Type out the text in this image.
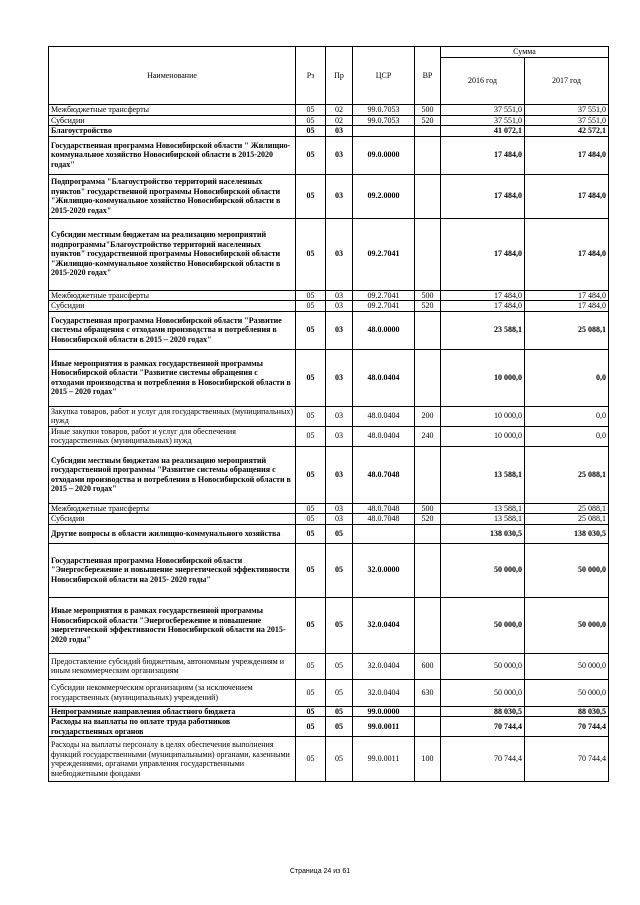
Наименование	Рз	Пр	ЦСР	ВР	Сумма	
					2016 год	2017 год
Межбюджетные трансферты	05	02	99.0.7053	500	37 551,0	37 551,0
Субсидии	05	02	99.0.7053	520	37 551,0	37 551,0
Благоустройство	05	03			41 072,1	42 572,1
Государственная программа Новосибирской области " Жилищно-коммунальное хозяйство Новосибирской области в 2015-2020 годах"	05	03	09.0.0000		17 484,0	17 484,0
Подпрограмма "Благоустройство территорий населенных пунктов" государственной программы Новосибирской области "Жилищно-коммунальное хозяйство Новосибирской области в 2015-2020 годах"	05	03	09.2.0000		17 484,0	17 484,0
Субсидии местным бюджетам на реализацию мероприятий подпрограммы"Благоустройство территорий населенных пунктов" государственной программы Новосибирской области "Жилищно-коммунальное хозяйство Новосибирской области в 2015-2020 годах"	05	03	09.2.7041		17 484,0	17 484,0
Межбюджетные трансферты	05	03	09.2.7041	500	17 484,0	17 484,0
Субсидии	05	03	09.2.7041	520	17 484,0	17 484,0
Государственная программа Новосибирской области "Развитие системы обращения с отходами производства и потребления в Новосибирской области в 2015 – 2020 годах"	05	03	48.0.0000		23 588,1	25 088,1
Иные мероприятия в рамках государственной программы Новосибирской области "Развитие системы обращения с отходами производства и потребления в Новосибирской области в 2015 – 2020 годах"	05	03	48.0.0404		10 000,0	0,0
Закупка товаров, работ и услуг для государственных (муниципальных) нужд	05	03	48.0.0404	200	10 000,0	0,0
Иные закупки товаров, работ и услуг для обеспечения государственных (муниципальных) нужд	05	03	48.0.0404	240	10 000,0	0,0
Субсидии местным бюджетам на реализацию мероприятий государственной программы "Развитие системы обращения с отходами производства и потребления в Новосибирской области в 2015 – 2020 годах"	05	03	48.0.7048		13 588,1	25 088,1
Межбюджетные трансферты	05	03	48.0.7048	500	13 588,1	25 088,1
Субсидии	05	03	48.0.7048	520	13 588,1	25 088,1
Другие вопросы в области жилищно-коммунального хозяйства	05	05			138 030,5	138 030,5
Государственная программа Новосибирской области "Энергосбережение и повышение энергетической эффективности Новосибирской области на 2015- 2020 годы"	05	05	32.0.0000		50 000,0	50 000,0
Иные мероприятия в рамках государственной программы Новосибирской области "Энергосбережение и повышение энергетической эффективности Новосибирской области на 2015- 2020 годы"	05	05	32.0.0404		50 000,0	50 000,0
Предоставление субсидий бюджетным, автономным учреждениям и иным некоммерческим организациям	05	05	32.0.0404	600	50 000,0	50 000,0
Субсидии некоммерческим организациям (за исключением государственных (муниципальных) учреждений)	05	05	32.0.0404	630	50 000,0	50 000,0
Непрограммные направления областного бюджета	05	05	99.0.0000		88 030,5	88 030,5
Расходы на выплаты по оплате труда работников государственных органов	05	05	99.0.0011		70 744,4	70 744,4
Расходы на выплаты персоналу в целях обеспечения выполнения функций государственными (муниципальными) органами, казенными учреждениями, органами управления государственными внебюджетными фондами	05	05	99.0.0011	100	70 744,4	70 744,4
Страница 24 из 61
